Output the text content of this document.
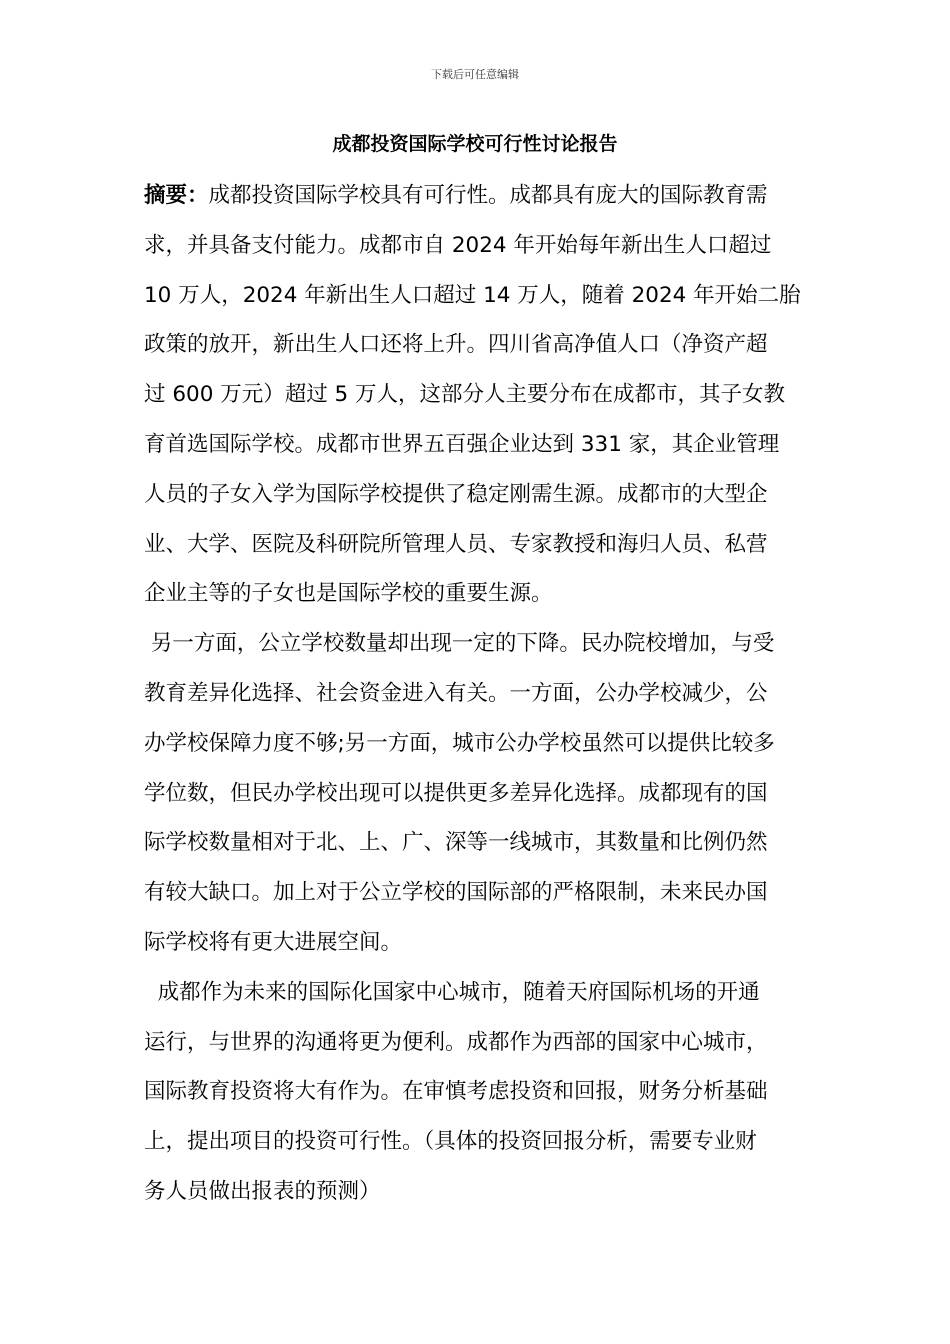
下载后可任意编辑
成都投资国际学校可行性讨论报告
摘要：成都投资国际学校具有可行性。成都具有庞大的国际教育需
求，并具备支付能力。成都市自 2024 年开始每年新出生人口超过
10 万人，2024 年新出生人口超过 14 万人，随着 2024 年开始二胎
政策的放开，新出生人口还将上升。四川省高净值人口（净资产超
过 600 万元）超过 5 万人，这部分人主要分布在成都市，其子女教
育首选国际学校。成都市世界五百强企业达到 331 家，其企业管理
人员的子女入学为国际学校提供了稳定刚需生源。成都市的大型企
业、大学、医院及科研院所管理人员、专家教授和海归人员、私营
企业主等的子女也是国际学校的重要生源。
另一方面，公立学校数量却出现一定的下降。民办院校增加，与受
教育差异化选择、社会资金进入有关。一方面，公办学校减少，公
办学校保障力度不够;另一方面，城市公办学校虽然可以提供比较多
学位数，但民办学校出现可以提供更多差异化选择。成都现有的国
际学校数量相对于北、上、广、深等一线城市，其数量和比例仍然
有较大缺口。加上对于公立学校的国际部的严格限制，未来民办国
际学校将有更大进展空间。
成都作为未来的国际化国家中心城市，随着天府国际机场的开通
运行，与世界的沟通将更为便利。成都作为西部的国家中心城市，
国际教育投资将大有作为。在审慎考虑投资和回报，财务分析基础
上，提出项目的投资可行性。（具体的投资回报分析，需要专业财
务人员做出报表的预测）
